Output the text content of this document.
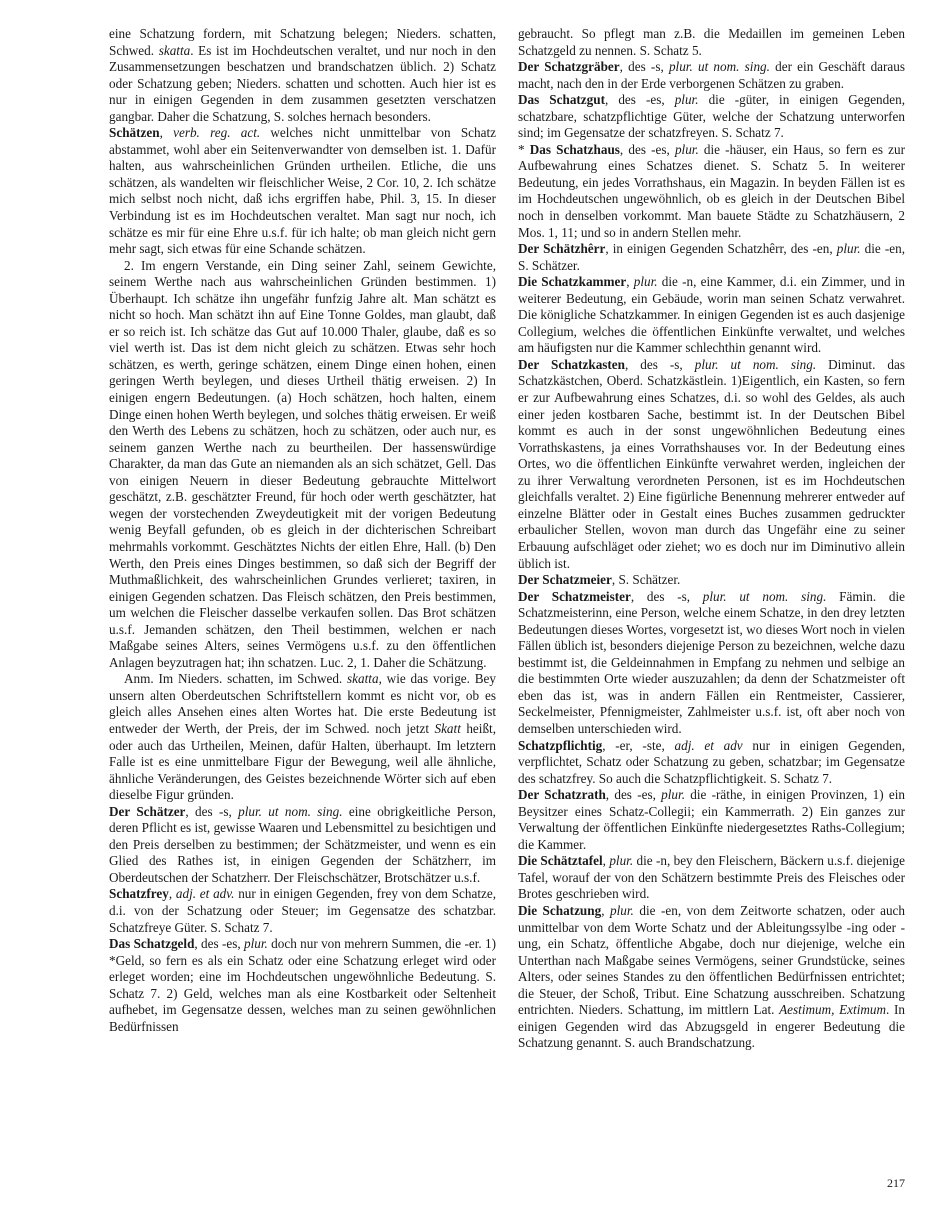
eine Schatzung fordern, mit Schatzung belegen; Nieders. schatten, Schwed. skatta. Es ist im Hochdeutschen veraltet, und nur noch in den Zusammensetzungen beschatzen und brandschatzen üblich. 2) Schatz oder Schatzung geben; Nieders. schatten und schotten. Auch hier ist es nur in einigen Gegenden in dem zusammen gesetzten verschatzen gangbar. Daher die Schatzung, S. solches hernach besonders.
Schätzen, verb. reg. act. welches nicht unmittelbar von Schatz abstammet, wohl aber ein Seitenverwandter von demselben ist. 1. Dafür halten, aus wahrscheinlichen Gründen urtheilen. Etliche, die uns schätzen, als wandelten wir fleischlicher Weise, 2 Cor. 10, 2. Ich schätze mich selbst noch nicht, daß ichs ergriffen habe, Phil. 3, 15. In dieser Verbindung ist es im Hochdeutschen veraltet. Man sagt nur noch, ich schätze es mir für eine Ehre u.s.f. für ich halte; ob man gleich nicht gern mehr sagt, sich etwas für eine Schande schätzen.
2. Im engern Verstande, ein Ding seiner Zahl, seinem Gewichte, seinem Werthe nach aus wahrscheinlichen Gründen bestimmen. 1) Überhaupt. Ich schätze ihn ungefähr funfzig Jahre alt. Man schätzt es nicht so hoch. Man schätzt ihn auf Eine Tonne Goldes, man glaubt, daß er so reich ist. Ich schätze das Gut auf 10.000 Thaler, glaube, daß es so viel werth ist. Das ist dem nicht gleich zu schätzen. Etwas sehr hoch schätzen, es werth, geringe schätzen, einem Dinge einen hohen, einen geringen Werth beylegen, und dieses Urtheil thätig erweisen. 2) In einigen engern Bedeutungen. (a) Hoch schätzen, hoch halten, einem Dinge einen hohen Werth beylegen, und solches thätig erweisen. Er weiß den Werth des Lebens zu schätzen, hoch zu schätzen, oder auch nur, es seinem ganzen Werthe nach zu beurtheilen. Der hassenswürdige Charakter, da man das Gute an niemanden als an sich schätzet, Gell. Das von einigen Neuern in dieser Bedeutung gebrauchte Mittelwort geschätzt, z.B. geschätzter Freund, für hoch oder werth geschätzter, hat wegen der vorstechenden Zweydeutigkeit mit der vorigen Bedeutung wenig Beyfall gefunden, ob es gleich in der dichterischen Schreibart mehrmahls vorkommt. Geschätztes Nichts der eitlen Ehre, Hall. (b) Den Werth, den Preis eines Dinges bestimmen, so daß sich der Begriff der Muthmaßlichkeit, des wahrscheinlichen Grundes verlieret; taxiren, in einigen Gegenden schatzen. Das Fleisch schätzen, den Preis bestimmen, um welchen die Fleischer dasselbe verkaufen sollen. Das Brot schätzen u.s.f. Jemanden schätzen, den Theil bestimmen, welchen er nach Maßgabe seines Alters, seines Vermögens u.s.f. zu den öffentlichen Anlagen beyzutragen hat; ihn schatzen. Luc. 2, 1. Daher die Schätzung.
Anm. Im Nieders. schatten, im Schwed. skatta, wie das vorige. Bey unsern alten Oberdeutschen Schriftstellern kommt es nicht vor, ob es gleich alles Ansehen eines alten Wortes hat. Die erste Bedeutung ist entweder der Werth, der Preis, der im Schwed. noch jetzt Skatt heißt, oder auch das Urtheilen, Meinen, dafür Halten, überhaupt. Im letztern Falle ist es eine unmittelbare Figur der Bewegung, weil alle ähnliche, ähnliche Veränderungen, des Geistes bezeichnende Wörter sich auf eben dieselbe Figur gründen.
Der Schätzer, des -s, plur. ut nom. sing. eine obrigkeitliche Person, deren Pflicht es ist, gewisse Waaren und Lebensmittel zu besichtigen und den Preis derselben zu bestimmen; der Schätzmeister, und wenn es ein Glied des Rathes ist, in einigen Gegenden der Schätzherr, im Oberdeutschen der Schatzherr. Der Fleischschätzer, Brotschätzer u.s.f.
Schatzfrey, adj. et adv. nur in einigen Gegenden, frey von dem Schatze, d.i. von der Schatzung oder Steuer; im Gegensatze des schatzbar. Schatzfreye Güter. S. Schatz 7.
Das Schatzgeld, des -es, plur. doch nur von mehrern Summen, die -er. 1) *Geld, so fern es als ein Schatz oder eine Schatzung erleget wird oder erleget worden; eine im Hochdeutschen ungewöhnliche Bedeutung. S. Schatz 7. 2) Geld, welches man als eine Kostbarkeit oder Seltenheit aufhebet, im Gegensatze dessen, welches man zu seinen gewöhnlichen Bedürfnissen
gebraucht. So pflegt man z.B. die Medaillen im gemeinen Leben Schatzgeld zu nennen. S. Schatz 5.
Der Schatzgräber, des -s, plur. ut nom. sing. der ein Geschäft daraus macht, nach den in der Erde verborgenen Schätzen zu graben.
Das Schatzgut, des -es, plur. die -güter, in einigen Gegenden, schatzbare, schatzpflichtige Güter, welche der Schatzung unterworfen sind; im Gegensatze der schatzfreyen. S. Schatz 7.
* Das Schatzhaus, des -es, plur. die -häuser, ein Haus, so fern es zur Aufbewahrung eines Schatzes dienet. S. Schatz 5. In weiterer Bedeutung, ein jedes Vorrathshaus, ein Magazin. In beyden Fällen ist es im Hochdeutschen ungewöhnlich, ob es gleich in der Deutschen Bibel noch in denselben vorkommt. Man bauete Städte zu Schatzhäusern, 2 Mos. 1, 11; und so in andern Stellen mehr.
Der Schätzhêrr, in einigen Gegenden Schatzhêrr, des -en, plur. die -en, S. Schätzer.
Die Schatzkammer, plur. die -n, eine Kammer, d.i. ein Zimmer, und in weiterer Bedeutung, ein Gebäude, worin man seinen Schatz verwahret. Die königliche Schatzkammer. In einigen Gegenden ist es auch dasjenige Collegium, welches die öffentlichen Einkünfte verwaltet, und welches am häufigsten nur die Kammer schlechthin genannt wird.
Der Schatzkasten, des -s, plur. ut nom. sing. Diminut. das Schatzkästchen, Oberd. Schatzkästlein. 1)Eigentlich, ein Kasten, so fern er zur Aufbewahrung eines Schatzes, d.i. so wohl des Geldes, als auch einer jeden kostbaren Sache, bestimmt ist. In der Deutschen Bibel kommt es auch in der sonst ungewöhnlichen Bedeutung eines Vorrathskastens, ja eines Vorrathshauses vor. In der Bedeutung eines Ortes, wo die öffentlichen Einkünfte verwahret werden, ingleichen der zu ihrer Verwaltung verordneten Personen, ist es im Hochdeutschen gleichfalls veraltet. 2) Eine figürliche Benennung mehrerer entweder auf einzelne Blätter oder in Gestalt eines Buches zusammen gedruckter erbaulicher Stellen, wovon man durch das Ungefähr eine zu seiner Erbauung aufschläget oder ziehet; wo es doch nur im Diminutivo allein üblich ist.
Der Schatzmeier, S. Schätzer.
Der Schatzmeister, des -s, plur. ut nom. sing. Fämin. die Schatzmeisterinn, eine Person, welche einem Schatze, in den drey letzten Bedeutungen dieses Wortes, vorgesetzt ist, wo dieses Wort noch in vielen Fällen üblich ist, besonders diejenige Person zu bezeichnen, welche dazu bestimmt ist, die Geldeinnahmen in Empfang zu nehmen und selbige an die bestimmten Orte wieder auszuzahlen; da denn der Schatzmeister oft eben das ist, was in andern Fällen ein Rentmeister, Cassierer, Seckelmeister, Pfennigmeister, Zahlmeister u.s.f. ist, oft aber noch von demselben unterschieden wird.
Schatzpflichtig, -er, -ste, adj. et adv nur in einigen Gegenden, verpflichtet, Schatz oder Schatzung zu geben, schatzbar; im Gegensatze des schatzfrey. So auch die Schatzpflichtigkeit. S. Schatz 7.
Der Schatzrath, des -es, plur. die -räthe, in einigen Provinzen, 1) ein Beysitzer eines Schatz-Collegii; ein Kammerrath. 2) Ein ganzes zur Verwaltung der öffentlichen Einkünfte niedergesetztes Raths-Collegium; die Kammer.
Die Schätztafel, plur. die -n, bey den Fleischern, Bäckern u.s.f. diejenige Tafel, worauf der von den Schätzern bestimmte Preis des Fleisches oder Brotes geschrieben wird.
Die Schatzung, plur. die -en, von dem Zeitworte schatzen, oder auch unmittelbar von dem Worte Schatz und der Ableitungssylbe -ing oder -ung, ein Schatz, öffentliche Abgabe, doch nur diejenige, welche ein Unterthan nach Maßgabe seines Vermögens, seiner Grundstücke, seines Alters, oder seines Standes zu den öffentlichen Bedürfnissen entrichtet; die Steuer, der Schoß, Tribut. Eine Schatzung ausschreiben. Schatzung entrichten. Nieders. Schattung, im mittlern Lat. Aestimum, Extimum. In einigen Gegenden wird das Abzugsgeld in engerer Bedeutung die Schatzung genannt. S. auch Brandschatzung.
217
